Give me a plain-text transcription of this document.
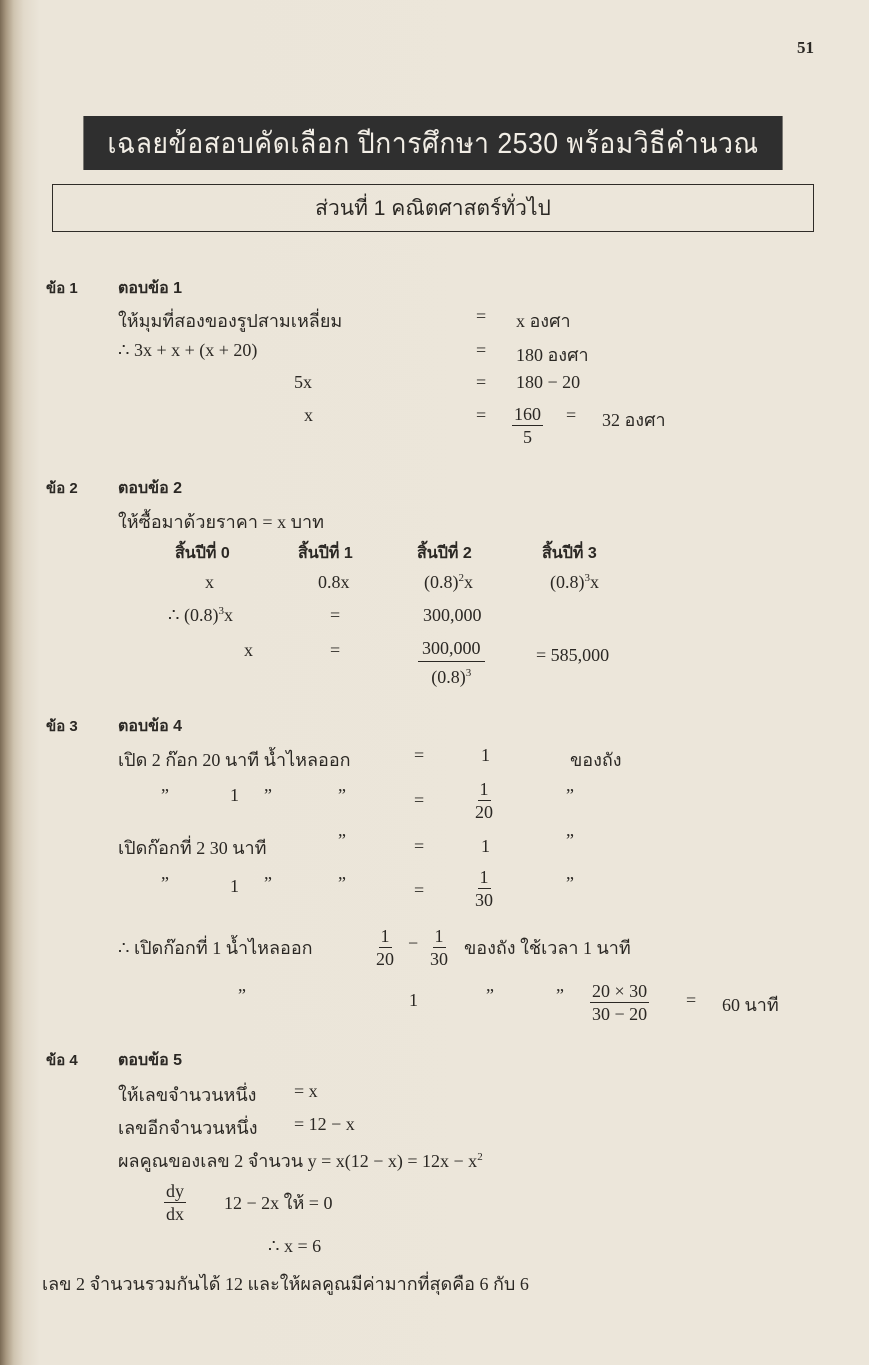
51
เฉลยข้อสอบคัดเลือก ปีการศึกษา 2530 พร้อมวิธีคำนวณ
ส่วนที่ 1 คณิตศาสตร์ทั่วไป
ข้อ 1	ตอบข้อ 1
ให้มุมที่สองของรูปสามเหลี่ยม	= x องศา
∴ 3x + x + (x + 20)	= 180 องศา
5x	= 180 − 20
x	= $\frac{160}{5} = 32$ องศา
ข้อ 2	ตอบข้อ 2
ให้ซื้อมาด้วยราคา = x บาท
สิ้นปีที่ 0	สิ้นปีที่ 1	สิ้นปีที่ 2	สิ้นปีที่ 3
x	0.8x	$(0.8)^2x$	$(0.8)^3x$
∴ $(0.8)^3x$	=	300,000
x	=	$\frac{300,000}{(0.8)^3}$	= 585,000
ข้อ 3	ตอบข้อ 4
เปิด 2 ก๊อก 20 นาที น้ำไหลออก	=	1	ของถัง
”	1 ”	”	=	$\frac{1}{20}$	”
เปิดก๊อกที่ 2 30 นาที	”	=	1	”
”	1 ”	”	=	$\frac{1}{30}$	”
∴ เปิดก๊อกที่ 1 น้ำไหลออก	$\frac{1}{20} - \frac{1}{30}$ ของถัง ใช้เวลา 1 นาที
”	1	”	” $\frac{20 \times 30}{30 - 20} = 60$ นาที
ข้อ 4	ตอบข้อ 5
ให้เลขจำนวนหนึ่ง = x
เลขอีกจำนวนหนึ่ง = 12 − x
ผลคูณของเลข 2 จำนวน $y = x(12 - x) = 12x - x^2$
$\frac{dy}{dx} 12 - 2x$ ให้ = 0
∴ x = 6
เลข 2 จำนวนรวมกันได้ 12 และให้ผลคูณมีค่ามากที่สุดคือ 6 กับ 6
